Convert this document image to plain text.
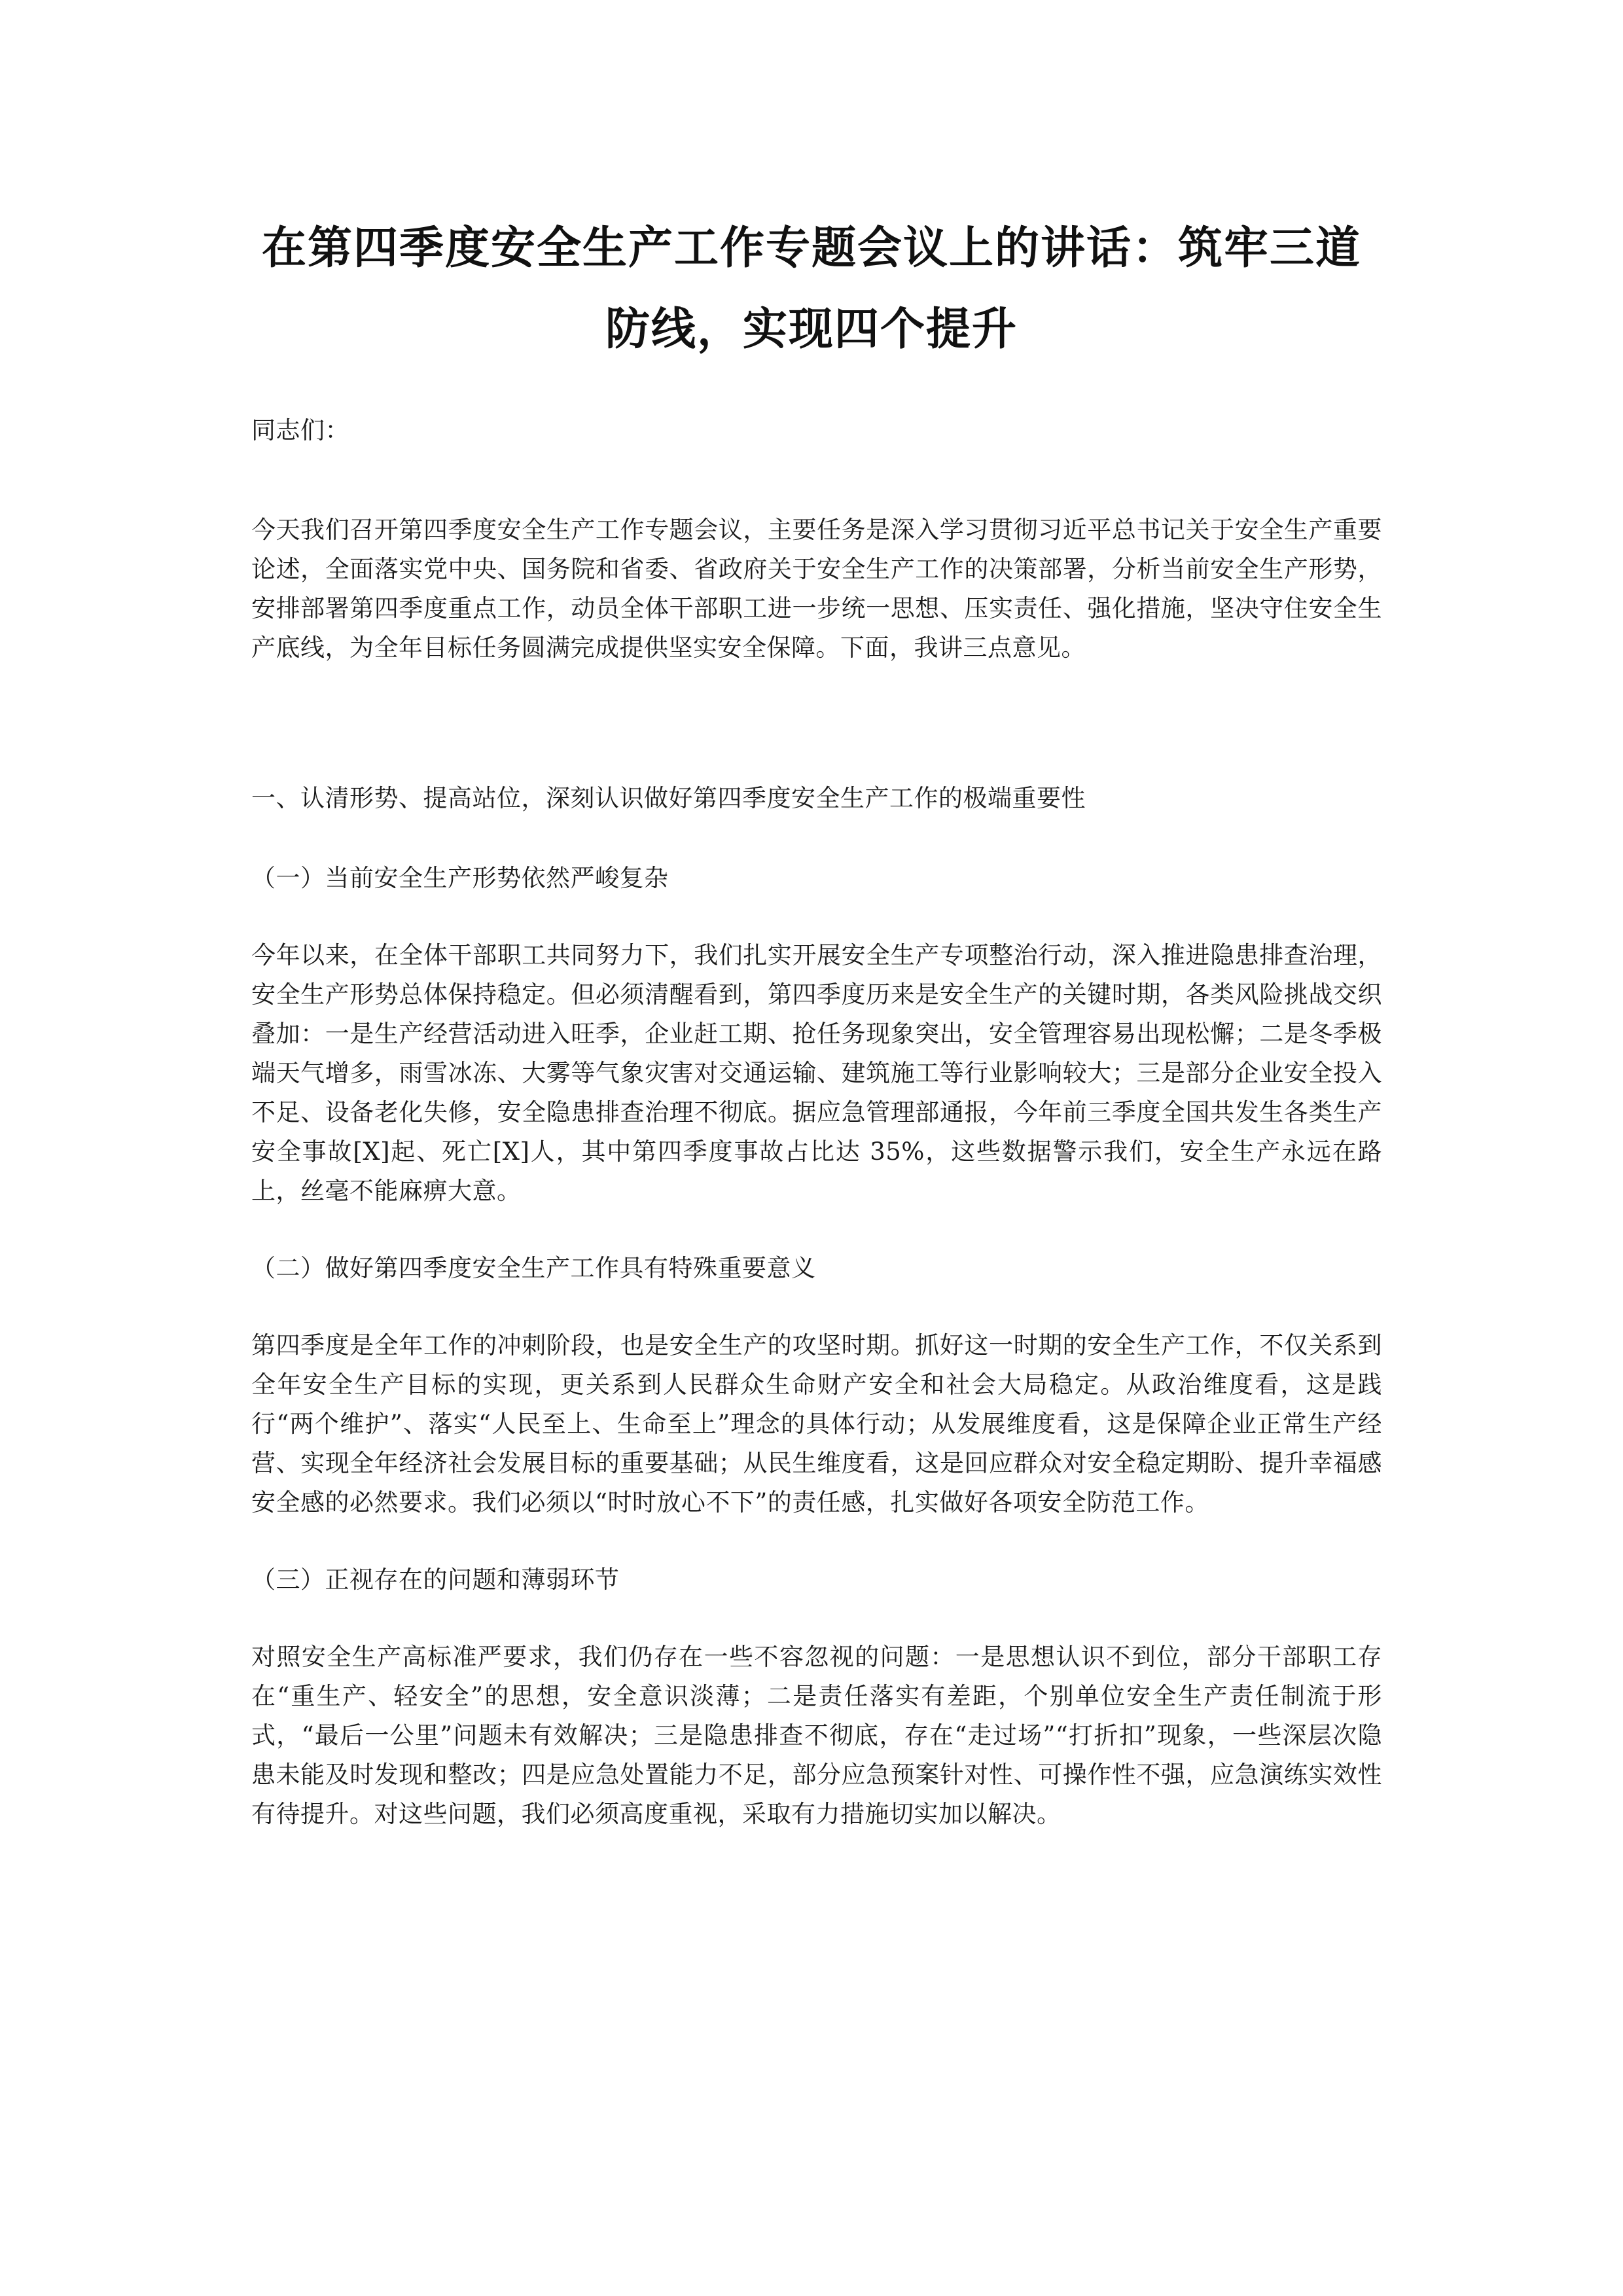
在第四季度安全生产工作专题会议上的讲话：筑牢三道防线，实现四个提升

同志们：

今天我们召开第四季度安全生产工作专题会议，主要任务是深入学习贯彻习近平总书记关于安全生产重要论述，全面落实党中央、国务院和省委、省政府关于安全生产工作的决策部署，分析当前安全生产形势，安排部署第四季度重点工作，动员全体干部职工进一步统一思想、压实责任、强化措施，坚决守住安全生产底线，为全年目标任务圆满完成提供坚实安全保障。下面，我讲三点意见。

一、认清形势、提高站位，深刻认识做好第四季度安全生产工作的极端重要性

（一）当前安全生产形势依然严峻复杂

今年以来，在全体干部职工共同努力下，我们扎实开展安全生产专项整治行动，深入推进隐患排查治理，安全生产形势总体保持稳定。但必须清醒看到，第四季度历来是安全生产的关键时期，各类风险挑战交织叠加：一是生产经营活动进入旺季，企业赶工期、抢任务现象突出，安全管理容易出现松懈；二是冬季极端天气增多，雨雪冰冻、大雾等气象灾害对交通运输、建筑施工等行业影响较大；三是部分企业安全投入不足、设备老化失修，安全隐患排查治理不彻底。据应急管理部通报，今年前三季度全国共发生各类生产安全事故[X]起、死亡[X]人，其中第四季度事故占比达 35%，这些数据警示我们，安全生产永远在路上，丝毫不能麻痹大意。

（二）做好第四季度安全生产工作具有特殊重要意义

第四季度是全年工作的冲刺阶段，也是安全生产的攻坚时期。抓好这一时期的安全生产工作，不仅关系到全年安全生产目标的实现，更关系到人民群众生命财产安全和社会大局稳定。从政治维度看，这是践行“两个维护”、落实“人民至上、生命至上”理念的具体行动；从发展维度看，这是保障企业正常生产经营、实现全年经济社会发展目标的重要基础；从民生维度看，这是回应群众对安全稳定期盼、提升幸福感安全感的必然要求。我们必须以“时时放心不下”的责任感，扎实做好各项安全防范工作。

（三）正视存在的问题和薄弱环节

对照安全生产高标准严要求，我们仍存在一些不容忽视的问题：一是思想认识不到位，部分干部职工存在“重生产、轻安全”的思想，安全意识淡薄；二是责任落实有差距，个别单位安全生产责任制流于形式，“最后一公里”问题未有效解决；三是隐患排查不彻底，存在“走过场”“打折扣”现象，一些深层次隐患未能及时发现和整改；四是应急处置能力不足，部分应急预案针对性、可操作性不强，应急演练实效性有待提升。对这些问题，我们必须高度重视，采取有力措施切实加以解决。
